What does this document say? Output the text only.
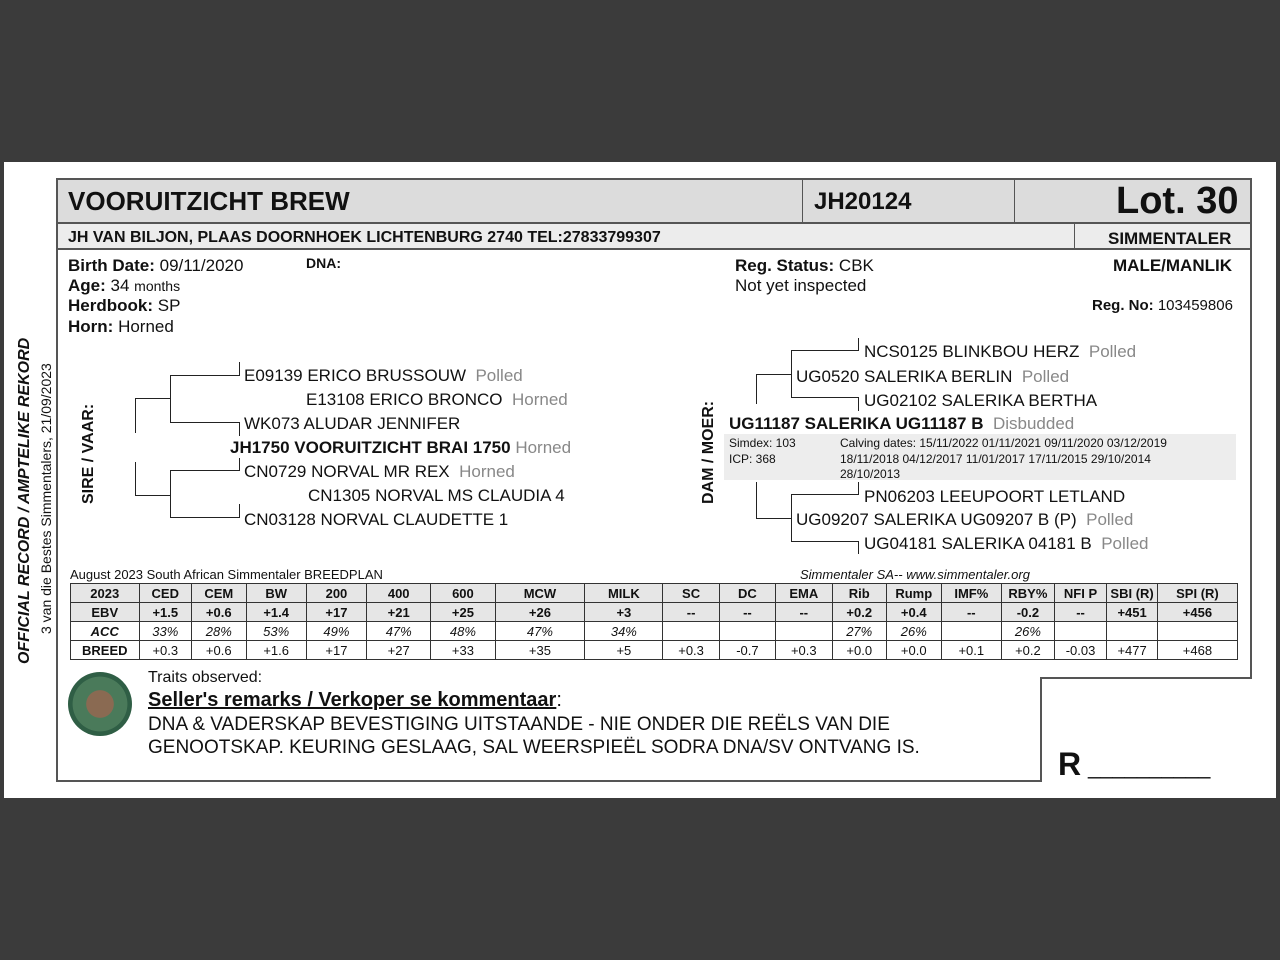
VOORUITZICHT BREW	JH20124	Lot. 30
JH VAN BILJON, PLAAS DOORNHOEK LICHTENBURG 2740 TEL:27833799307	SIMMENTALER
OFFICIAL RECORD / AMPTELIKE REKORD 3 van die Bestes Simmentalers, 21/09/2023
Birth Date: 09/11/2020
Age: 34 months
Herdbook: SP
Horn: Horned
DNA:	Reg. Status: CBK
Not yet inspected
MALE/MANLIK
Reg. No: 103459806
SIRE / VAAR:
E09139 ERICO BRUSSOUW Polled
E13108 ERICO BRONCO Horned
WK073 ALUDAR JENNIFER
JH1750 VOORUITZICHT BRAI 1750 Horned
CN0729 NORVAL MR REX Horned
CN1305 NORVAL MS CLAUDIA 4
CN03128 NORVAL CLAUDETTE 1
DAM / MOER:
NCS0125 BLINKBOU HERZ Polled
UG0520 SALERIKA BERLIN Polled
UG02102 SALERIKA BERTHA
UG11187 SALERIKA UG11187 B Disbudded
Simdex: 103
ICP: 368
Calving dates: 15/11/2022 01/11/2021 09/11/2020 03/12/2019
18/11/2018 04/12/2017 11/01/2017 17/11/2015 29/10/2014
28/10/2013
PN06203 LEEUPOORT LETLAND
UG09207 SALERIKA UG09207 B (P) Polled
UG04181 SALERIKA 04181 B Polled
August 2023 South African Simmentaler BREEDPLAN	Simmentaler SA-- www.simmentaler.org
2023	CED	CEM	BW	200	400	600	MCW	MILK	SC	DC	EMA	Rib	Rump	IMF%	RBY%	NFI P	SBI (R)	SPI (R)
EBV	+1.5	+0.6	+1.4	+17	+21	+25	+26	+3	--	--	--	+0.2	+0.4	--	-0.2	--	+451	+456
ACC	33%	28%	53%	49%	47%	48%	47%	34%				27%	26%		26%			
BREED	+0.3	+0.6	+1.6	+17	+27	+33	+35	+5	+0.3	-0.7	+0.3	+0.0	+0.0	+0.1	+0.2	-0.03	+477	+468
Traits observed:
Seller's remarks / Verkoper se kommentaar:
DNA & VADERSKAP BEVESTIGING UITSTAANDE - NIE ONDER DIE REËLS VAN DIE
GENOOTSKAP. KEURING GESLAAG, SAL WEERSPIEËL SODRA DNA/SV ONTVANG IS.	R __________
